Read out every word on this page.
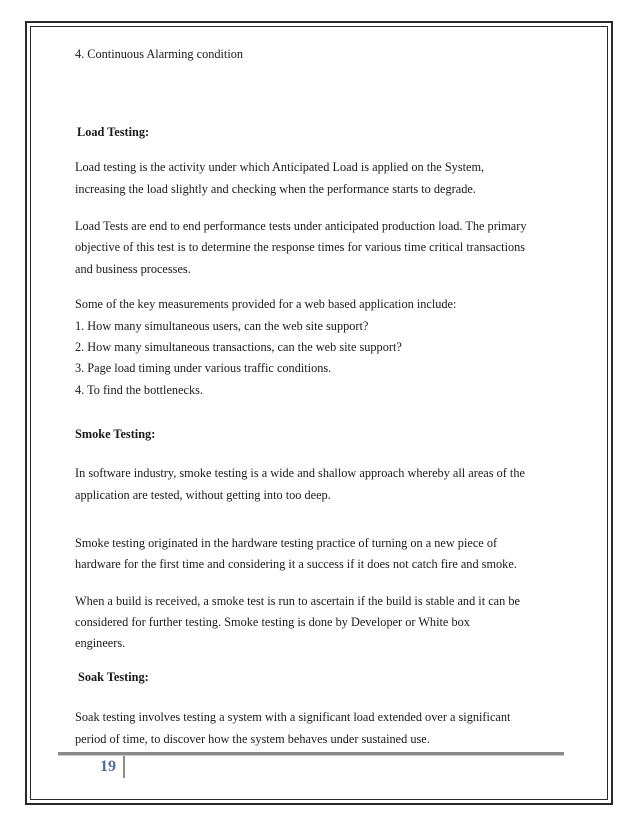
4. Continuous Alarming condition

Load Testing:

Load testing is the activity under which Anticipated Load is applied on the System,

increasing the load slightly and checking when the performance starts to degrade.

Load Tests are end to end performance tests under anticipated production load. The primary

objective of this test is to determine the response times for various time critical transactions

and business processes.

Some of the key measurements provided for a web based application include:

1. How many simultaneous users, can the web site support?

2. How many simultaneous transactions, can the web site support?

3. Page load timing under various traffic conditions.

4. To find the bottlenecks.

Smoke Testing:

In software industry, smoke testing is a wide and shallow approach whereby all areas of the

application are tested, without getting into too deep.

Smoke testing originated in the hardware testing practice of turning on a new piece of

hardware for the first time and considering it a success if it does not catch fire and smoke.

When a build is received, a smoke test is run to ascertain if the build is stable and it can be

considered for further testing. Smoke testing is done by Developer or White box

engineers.

Soak Testing:

Soak testing involves testing a system with a significant load extended over a significant

period of time, to discover how the system behaves under sustained use.

19
